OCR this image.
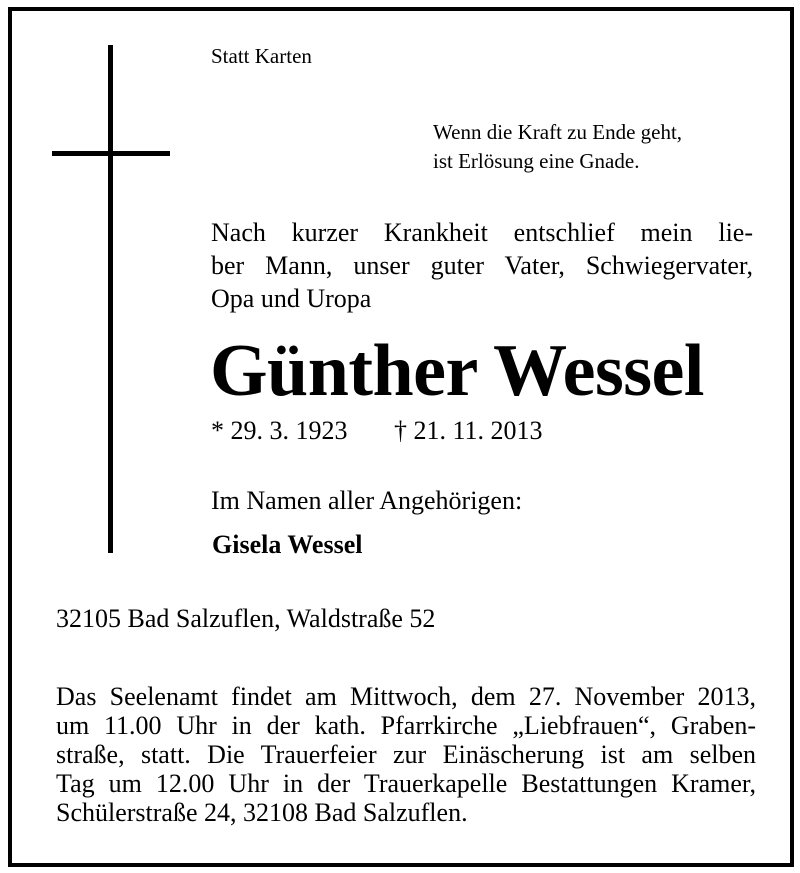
Statt Karten
Wenn die Kraft zu Ende geht,
ist Erlösung eine Gnade.
Nach kurzer Krankheit entschlief mein lie-
ber Mann, unser guter Vater, Schwiegervater,
Opa und Uropa
Günther Wessel
* 29. 3. 1923 † 21. 11. 2013
Im Namen aller Angehörigen:
Gisela Wessel
32105 Bad Salzuflen, Waldstraße 52
Das Seelenamt findet am Mittwoch, dem 27. November 2013,
um 11.00 Uhr in der kath. Pfarrkirche „Liebfrauen“, Graben-
straße, statt. Die Trauerfeier zur Einäscherung ist am selben
Tag um 12.00 Uhr in der Trauerkapelle Bestattungen Kramer,
Schülerstraße 24, 32108 Bad Salzuflen.
